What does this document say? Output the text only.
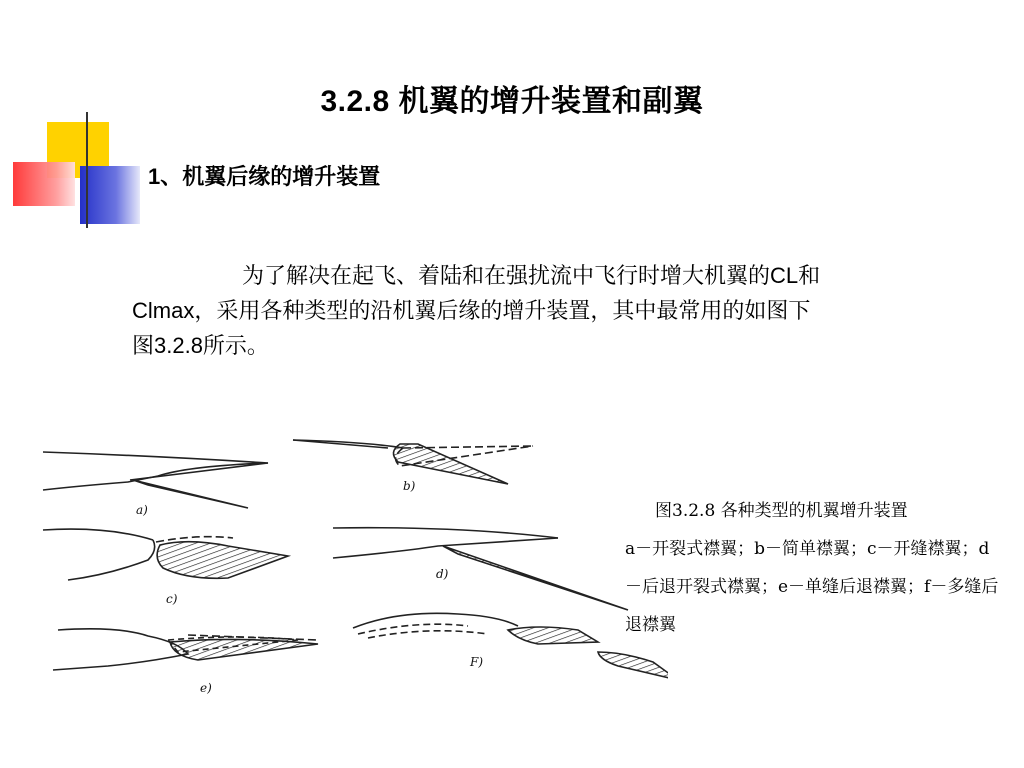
3.2.8 机翼的增升装置和副翼
1、机翼后缘的增升装置
为了解决在起飞、着陆和在强扰流中飞行时增大机翼的CL和Clmax，采用各种类型的沿机翼后缘的增升装置，其中最常用的如图下图3.2.8所示。
a)
b)
c)
d)
e)
F)
图3.2.8 各种类型的机翼增升装置
a－开裂式襟翼；b－简单襟翼；c－开缝襟翼；d－后退开裂式襟翼；e－单缝后退襟翼；f－多缝后退襟翼
